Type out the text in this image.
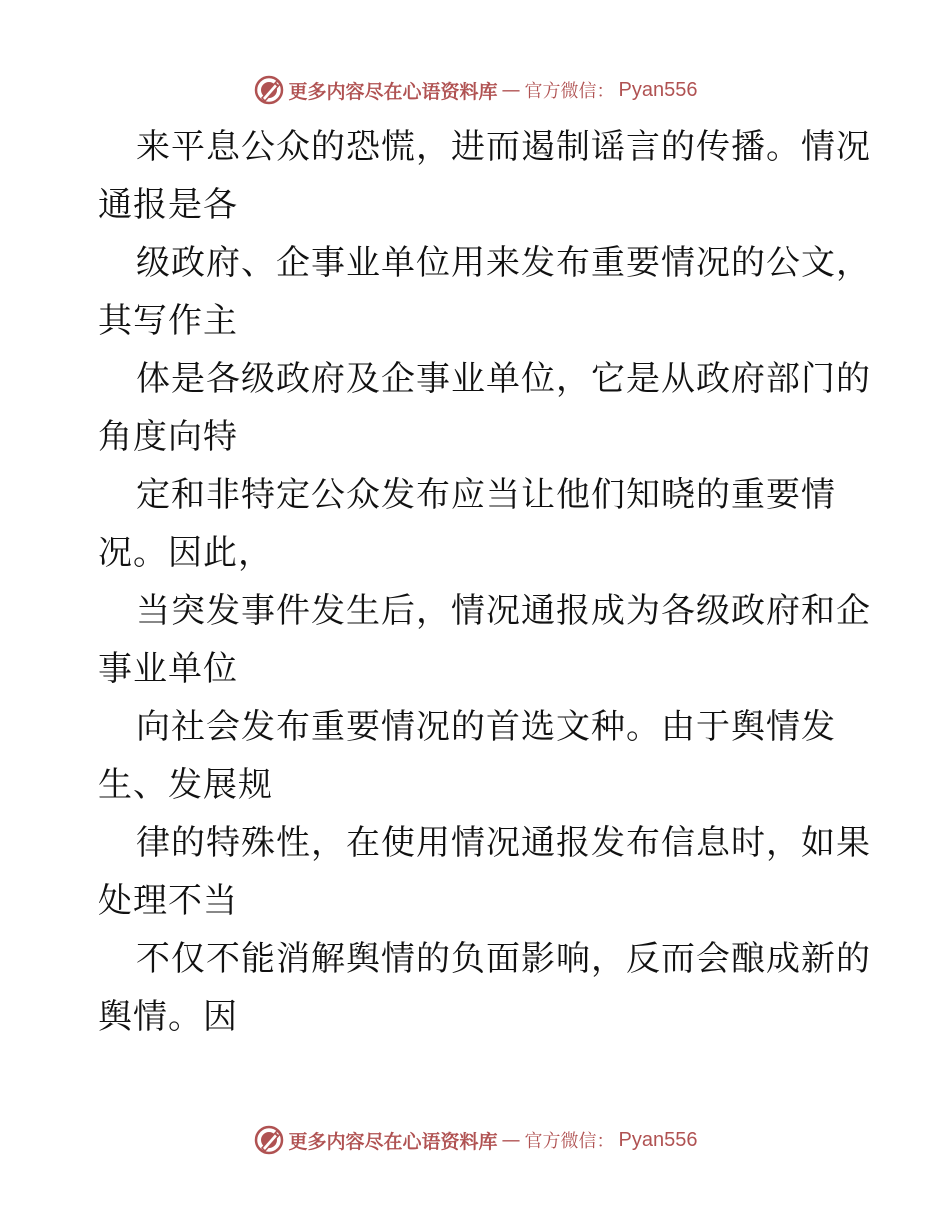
更多内容尽在心语资料库 — 官方微信： Pyan556
来平息公众的恐慌，进而遏制谣言的传播。情况
通报是各
级政府、企事业单位用来发布重要情况的公文，
其写作主
体是各级政府及企事业单位，它是从政府部门的
角度向特
定和非特定公众发布应当让他们知晓的重要情
况。因此，
当突发事件发生后，情况通报成为各级政府和企
事业单位
向社会发布重要情况的首选文种。由于舆情发
生、发展规
律的特殊性，在使用情况通报发布信息时，如果
处理不当
不仅不能消解舆情的负面影响，反而会酿成新的
舆情。因
更多内容尽在心语资料库 — 官方微信： Pyan556
